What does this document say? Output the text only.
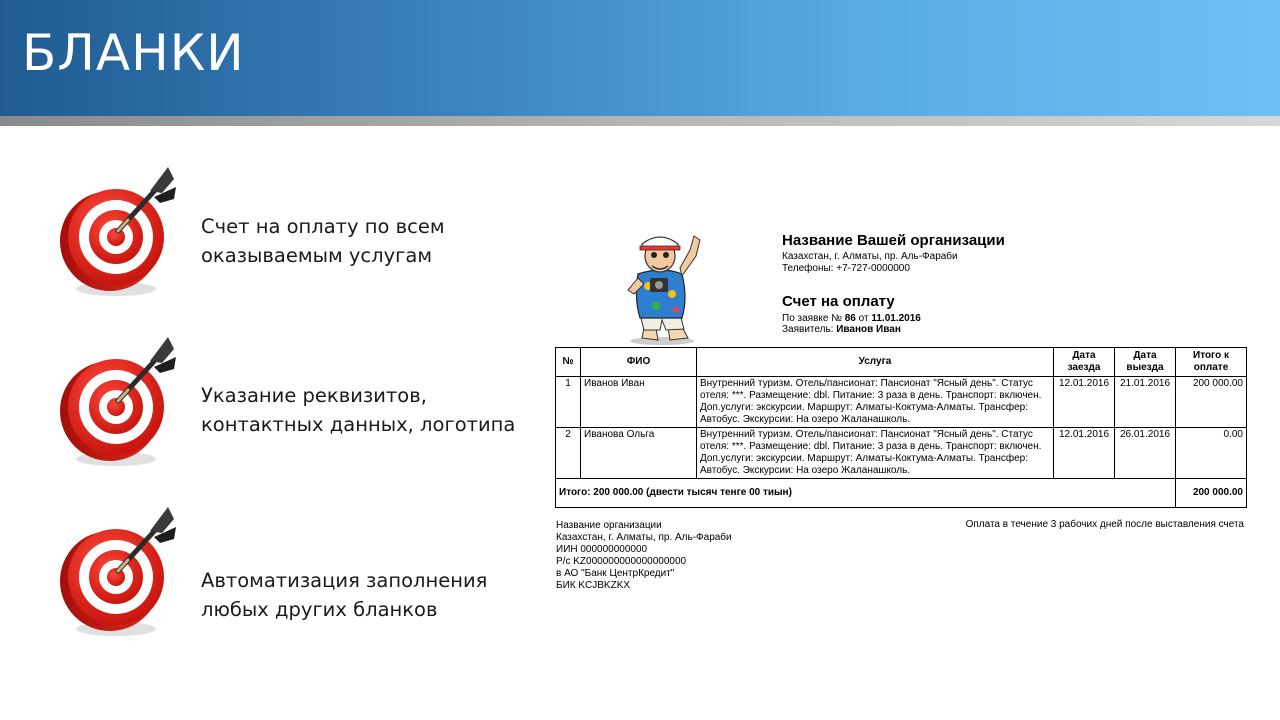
БЛАНКИ
Счет на оплату по всем
оказываемым услугам
Указание реквизитов,
контактных данных, логотипа
Автоматизация заполнения
любых других бланков
Название Вашей организации
Казахстан, г. Алматы, пр. Аль-Фараби
Телефоны: +7-727-0000000
Счет на оплату
По заявке № 86 от 11.01.2016
Заявитель: Иванов Иван
№	ФИО	Услуга	Дата заезда	Дата выезда	Итого к оплате
1	Иванов Иван	Внутренний туризм. Отель/пансионат: Пансионат "Ясный день". Статус отеля: ***. Размещение: dbl. Питание: 3 раза в день. Транспорт: включен. Доп.услуги: экскурсии. Маршрут: Алматы-Коктума-Алматы. Трансфер: Автобус. Экскурсии: На озеро Жаланашколь.	12.01.2016	21.01.2016	200 000.00
2	Иванова Ольга	Внутренний туризм. Отель/пансионат: Пансионат "Ясный день". Статус отеля: ***. Размещение: dbl. Питание: 3 раза в день. Транспорт: включен. Доп.услуги: экскурсии. Маршрут: Алматы-Коктума-Алматы. Трансфер: Автобус. Экскурсии: На озеро Жаланашколь.	12.01.2016	26.01.2016	0.00
Итого: 200 000.00 (двести тысяч тенге 00 тиын)					200 000.00
Название организации
Казахстан, г. Алматы, пр. Аль-Фараби
ИИН 000000000000
Р/с KZ000000000000000000
в АО "Банк ЦентрКредит"
БИК KCJBKZKX
Оплата в течение 3 рабочих дней после выставления счета
